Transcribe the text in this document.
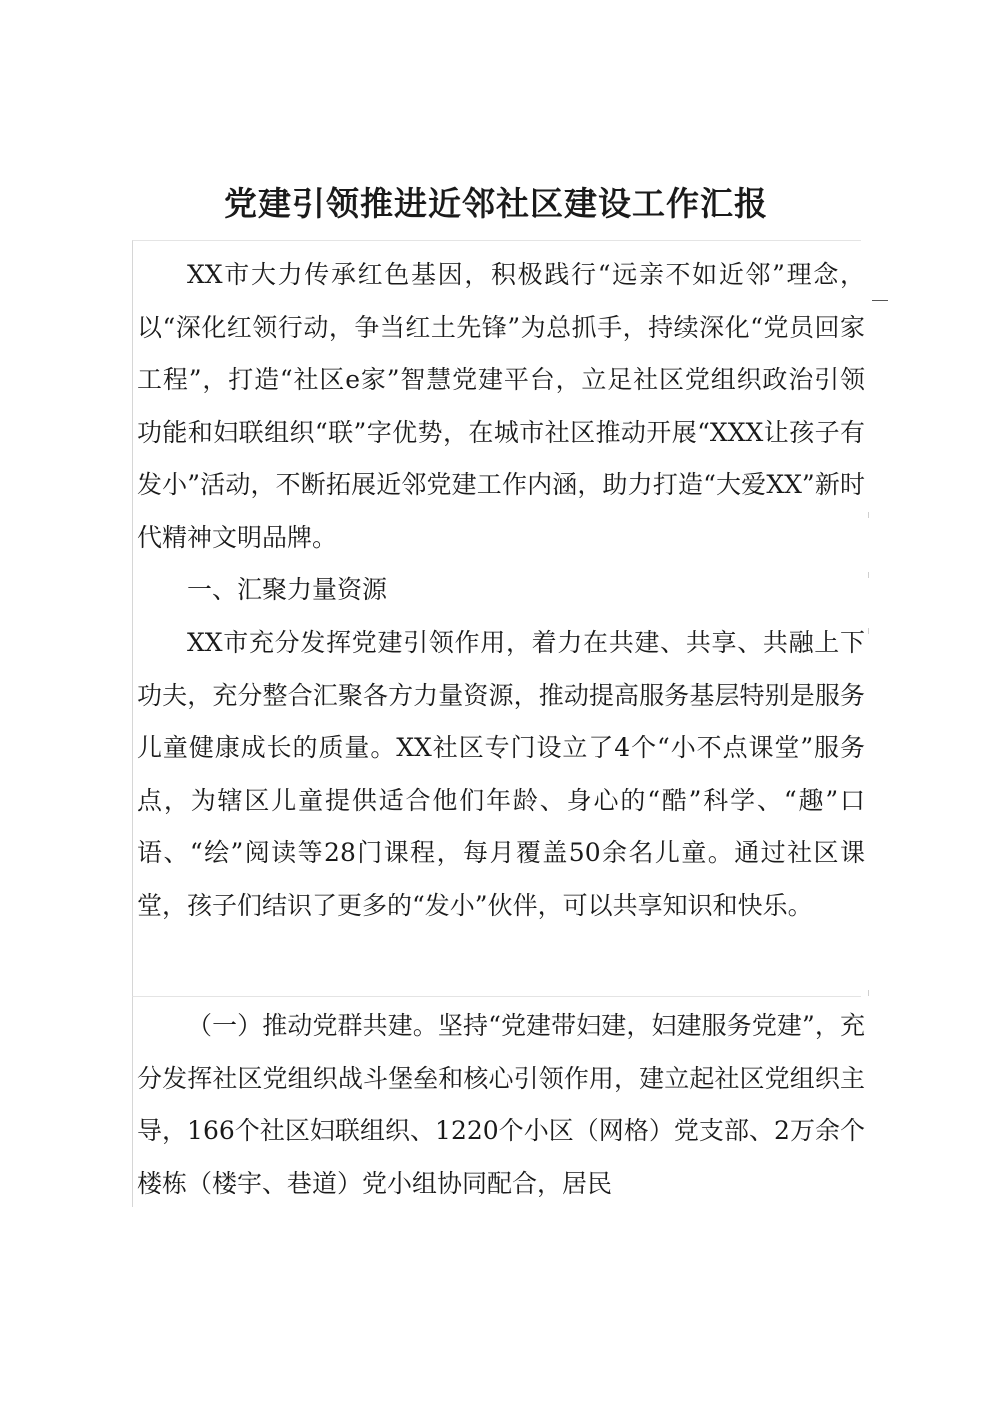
党建引领推进近邻社区建设工作汇报

XX市大力传承红色基因，积极践行“远亲不如近邻”理念，以“深化红领行动，争当红土先锋”为总抓手，持续深化“党员回家工程”，打造“社区e家”智慧党建平台，立足社区党组织政治引领功能和妇联组织“联”字优势，在城市社区推动开展“XXX让孩子有发小”活动，不断拓展近邻党建工作内涵，助力打造“大爱XX”新时代精神文明品牌。

一、汇聚力量资源

XX市充分发挥党建引领作用，着力在共建、共享、共融上下功夫，充分整合汇聚各方力量资源，推动提高服务基层特别是服务儿童健康成长的质量。XX社区专门设立了4个“小不点课堂”服务点，为辖区儿童提供适合他们年龄、身心的“酷”科学、“趣”口语、“绘”阅读等28门课程，每月覆盖50余名儿童。通过社区课堂，孩子们结识了更多的“发小”伙伴，可以共享知识和快乐。

（一）推动党群共建。坚持“党建带妇建，妇建服务党建”，充分发挥社区党组织战斗堡垒和核心引领作用，建立起社区党组织主导，166个社区妇联组织、1220个小区（网格）党支部、2万余个楼栋（楼宇、巷道）党小组协同配合，居民
